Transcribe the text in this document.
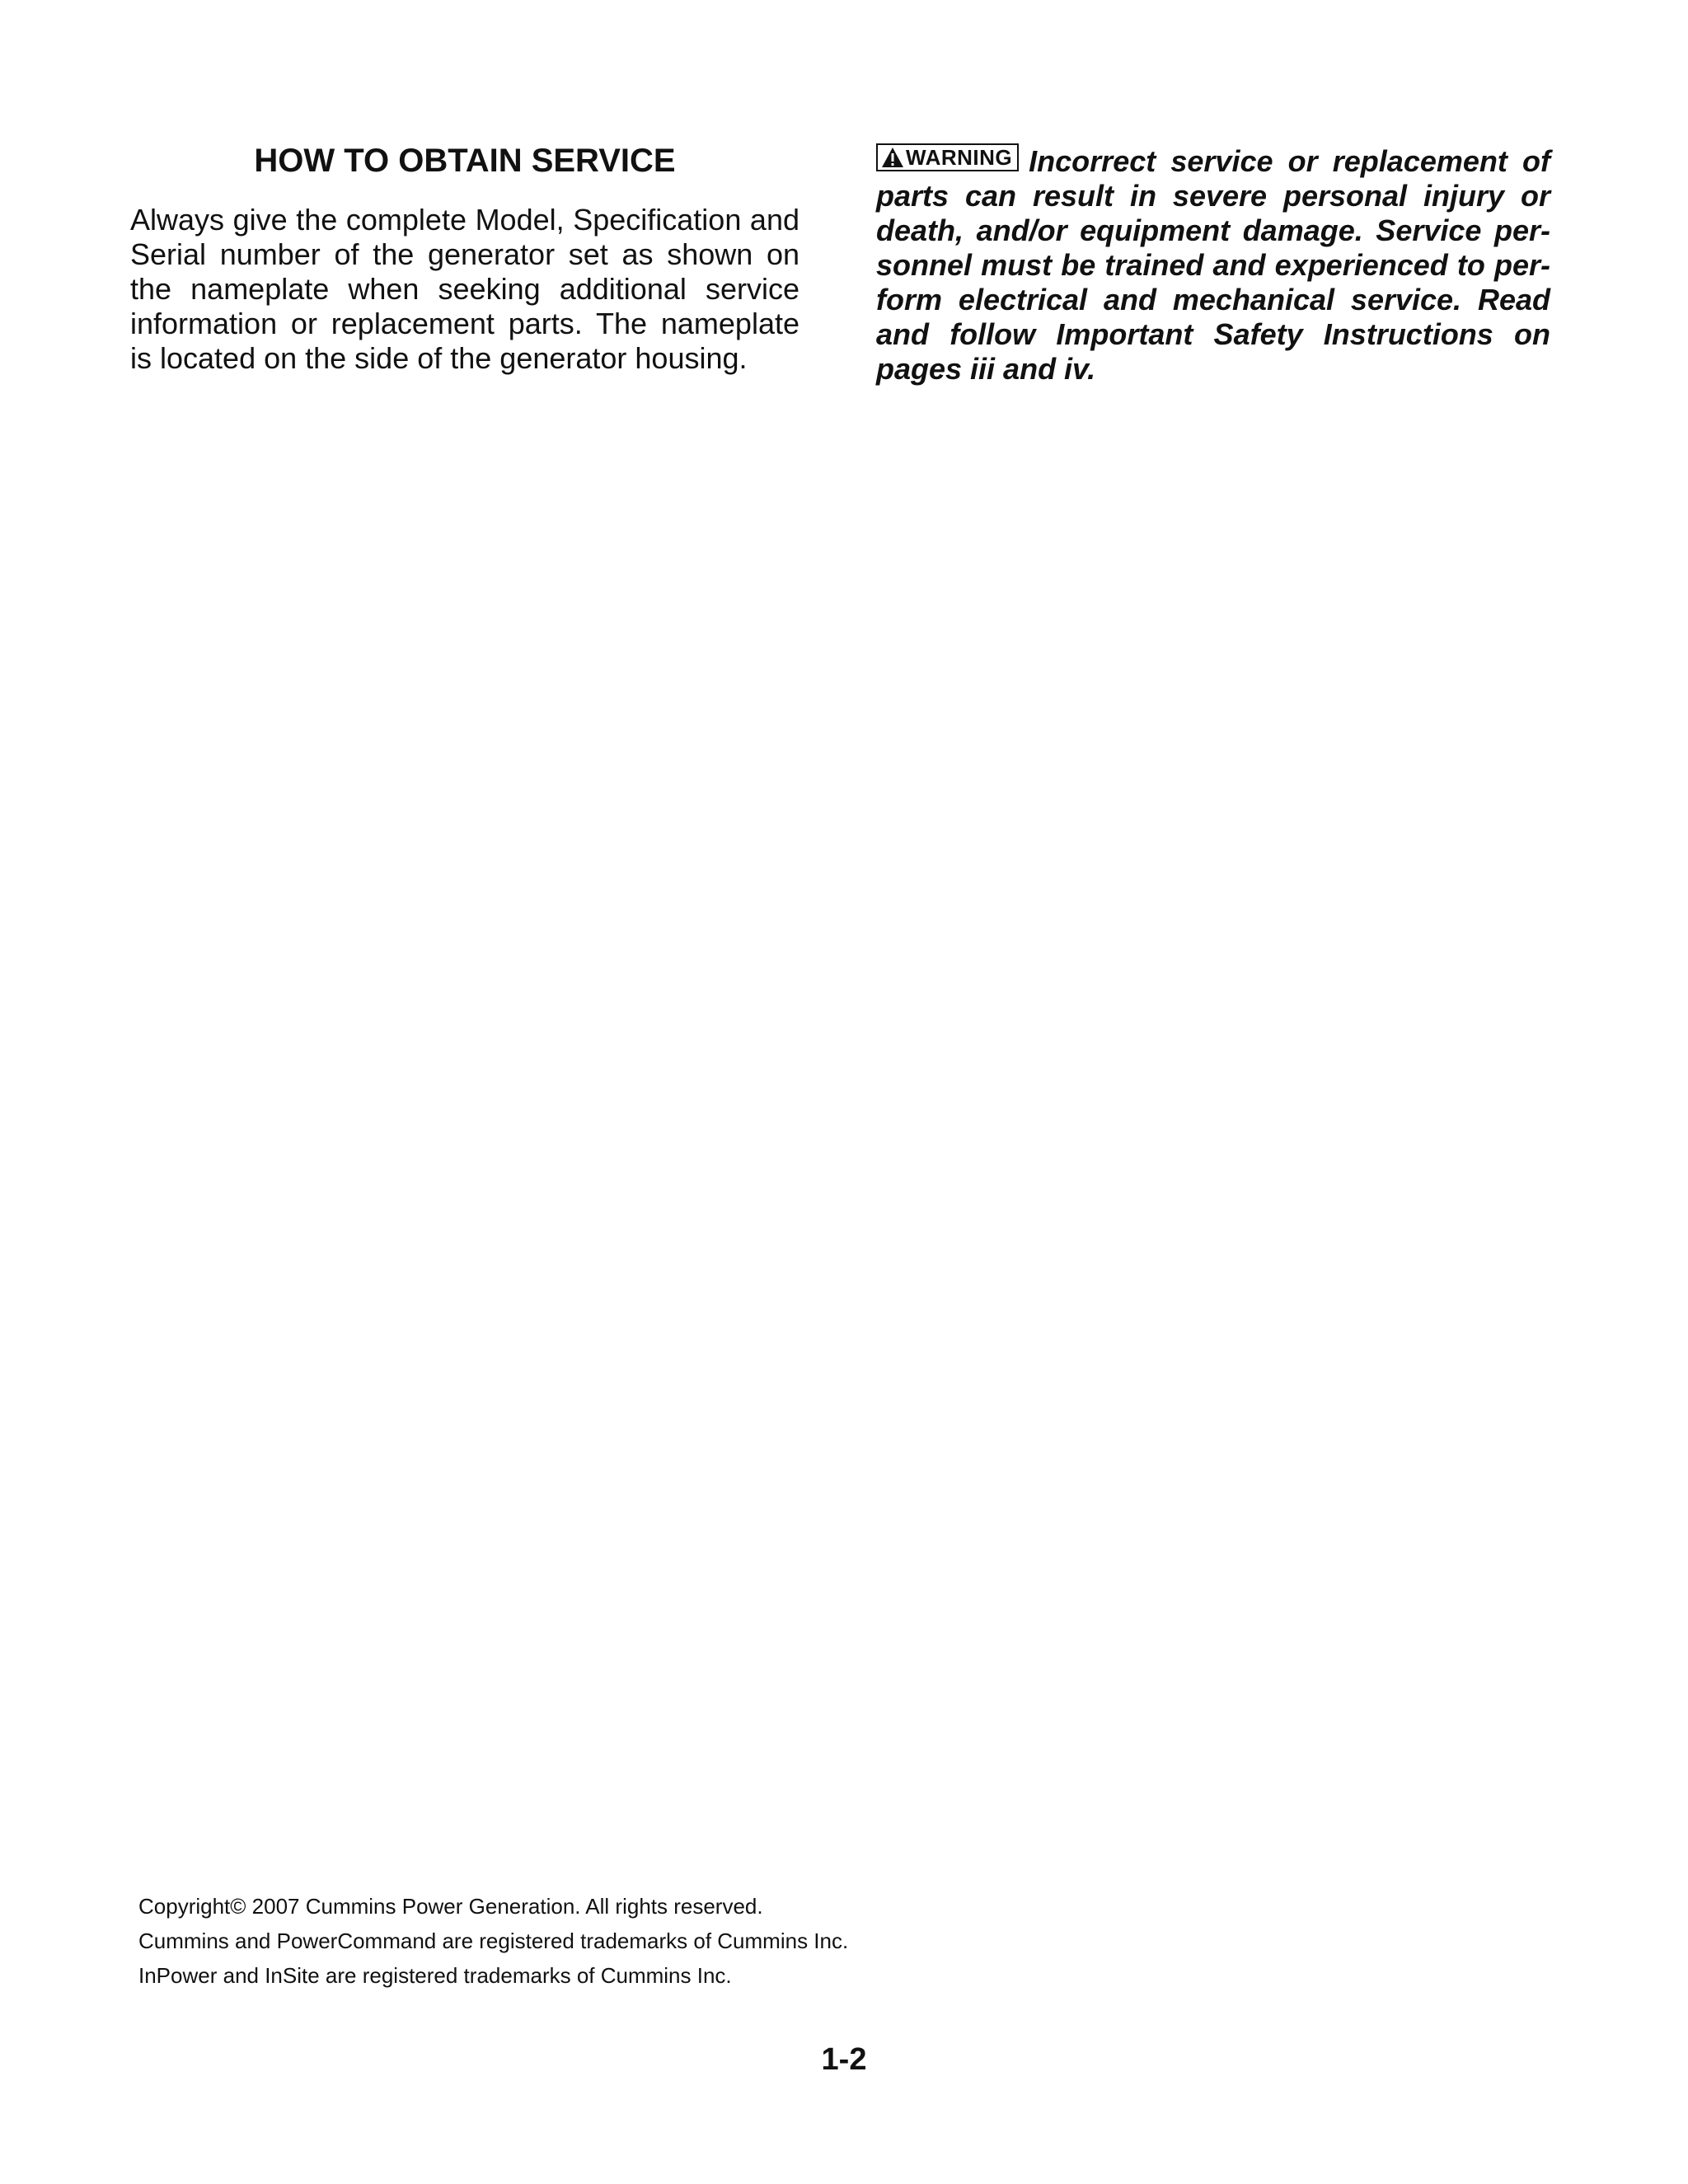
HOW TO OBTAIN SERVICE

Always give the complete Model, Specification and Serial number of the generator set as shown on the nameplate when seeking additional service information or replacement parts. The nameplate is located on the side of the generator housing.

WARNING Incorrect service or replacement of parts can result in severe personal injury or death, and/or equipment damage. Service personnel must be trained and experienced to perform electrical and mechanical service. Read and follow Important Safety Instructions on pages iii and iv.

Copyright© 2007 Cummins Power Generation. All rights reserved.

Cummins and PowerCommand are registered trademarks of Cummins Inc.

InPower and InSite are registered trademarks of Cummins Inc.

1-2
